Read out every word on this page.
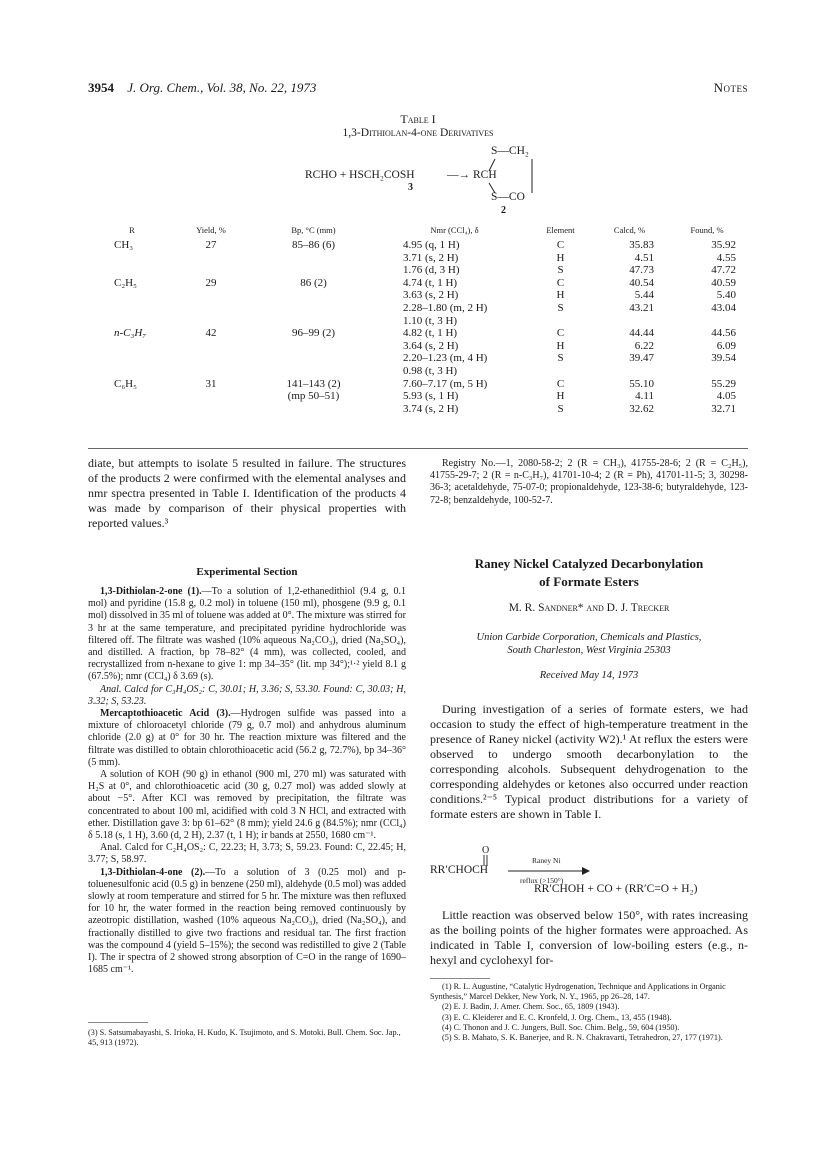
3954 J. Org. Chem., Vol. 38, No. 22, 1973	Notes
Table I
1,3-Dithiolan-4-one Derivatives
S—CH₂
RCHO + HSCH₂COSH	—→ RCH
3
S—CO
2
R	Yield, %	Bp, °C (mm)	Nmr (CCl₄), δ	Element	Calcd, %	Found, %
CH₃	27	85–86 (6)	4.95 (q, 1 H)	C	35.83	35.92
			3.71 (s, 2 H)	H	4.51	4.55
			1.76 (d, 3 H)	S	47.73	47.72
C₂H₅	29	86 (2)	4.74 (t, 1 H)	C	40.54	40.59
			3.63 (s, 2 H)	H	5.44	5.40
			2.28–1.80 (m, 2 H)	S	43.21	43.04
			1.10 (t, 3 H)			
n-C₃H₇	42	96–99 (2)	4.82 (t, 1 H)	C	44.44	44.56
			3.64 (s, 2 H)	H	6.22	6.09
			2.20–1.23 (m, 4 H)	S	39.47	39.54
			0.98 (t, 3 H)			
C₆H₅	31	141–143 (2)	7.60–7.17 (m, 5 H)	C	55.10	55.29
		(mp 50–51)	5.93 (s, 1 H)	H	4.11	4.05
			3.74 (s, 2 H)	S	32.62	32.71
diate, but attempts to isolate 5 resulted in failure. The structures of the products 2 were confirmed with the elemental analyses and nmr spectra presented in Table I. Identification of the products 4 was made by comparison of their physical properties with reported values.³
Experimental Section

1,3-Dithiolan-2-one (1).—To a solution of 1,2-ethanedithiol (9.4 g, 0.1 mol) and pyridine (15.8 g, 0.2 mol) in toluene (150 ml), phosgene (9.9 g, 0.1 mol) dissolved in 35 ml of toluene was added at 0°. The mixture was stirred for 3 hr at the same temperature, and precipitated pyridine hydrochloride was filtered off. The filtrate was washed (10% aqueous Na₂CO₃), dried (Na₂SO₄), and distilled. A fraction, bp 78–82° (4 mm), was collected, cooled, and recrystallized from n-hexane to give 1: mp 34–35° (lit. mp 34°);¹·² yield 8.1 g (67.5%); nmr (CCl₄) δ 3.69 (s).

Anal. Calcd for C₃H₄OS₂: C, 30.01; H, 3.36; S, 53.30. Found: C, 30.03; H, 3.32; S, 53.23.

Mercaptothioacetic Acid (3).—Hydrogen sulfide was passed into a mixture of chloroacetyl chloride (79 g, 0.7 mol) and anhydrous aluminum chloride (2.0 g) at 0° for 30 hr. The reaction mixture was filtered and the filtrate was distilled to obtain chlorothioacetic acid (56.2 g, 72.7%), bp 34–36° (5 mm).

A solution of KOH (90 g) in ethanol (900 ml, 270 ml) was saturated with H₂S at 0°, and chlorothioacetic acid (30 g, 0.27 mol) was added slowly at about −5°. After KCl was removed by precipitation, the filtrate was concentrated to about 100 ml, acidified with cold 3 N HCl, and extracted with ether. Distillation gave 3: bp 61–62° (8 mm); yield 24.6 g (84.5%); nmr (CCl₄) δ 5.18 (s, 1 H), 3.60 (d, 2 H), 2.37 (t, 1 H); ir bands at 2550, 1680 cm⁻¹.

Anal. Calcd for C₂H₄OS₂: C, 22.23; H, 3.73; S, 59.23. Found: C, 22.45; H, 3.77; S, 58.97.

1,3-Dithiolan-4-one (2).—To a solution of 3 (0.25 mol) and p-toluenesulfonic acid (0.5 g) in benzene (250 ml), aldehyde (0.5 mol) was added slowly at room temperature and stirred for 5 hr. The mixture was then refluxed for 10 hr, the water formed in the reaction being removed continuously by azeotropic distillation, washed (10% aqueous Na₂CO₃), dried (Na₂SO₄), and fractionally distilled to give two fractions and residual tar. The first fraction was the compound 4 (yield 5–15%); the second was redistilled to give 2 (Table I). The ir spectra of 2 showed strong absorption of C=O in the range of 1690–1685 cm⁻¹.

(3) S. Satsumabayashi, S. Irioka, H. Kudo, K. Tsujimoto, and S. Motoki. Bull. Chem. Soc. Jap., 45, 913 (1972).
Registry No.—1, 2080-58-2; 2 (R = CH₃), 41755-28-6; 2 (R = C₂H₅), 41755-29-7; 2 (R = n-C₃H₇), 41701-10-4; 2 (R = Ph), 41701-11-5; 3, 30298-36-3; acetaldehyde, 75-07-0; propionaldehyde, 123-38-6; butyraldehyde, 123-72-8; benzaldehyde, 100-52-7.
Raney Nickel Catalyzed Decarbonylation
of Formate Esters
M. R. Sandner* and D. J. Trecker
Union Carbide Corporation, Chemicals and Plastics,
South Charleston, West Virginia 25303
Received May 14, 1973
During investigation of a series of formate esters, we had occasion to study the effect of high-temperature treatment in the presence of Raney nickel (activity W2).¹ At reflux the esters were observed to undergo smooth decarbonylation to the corresponding alcohols. Subsequent dehydrogenation to the corresponding aldehydes or ketones also occurred under reaction conditions.²⁻⁵ Typical product distributions for a variety of formate esters are shown in Table I.
O
RR′CHOCH
Raney Ni
reflux (>150°)
RR′CHOH + CO + (RR′C=O + H₂)
Little reaction was observed below 150°, with rates increasing as the boiling points of the higher formates were approached. As indicated in Table I, conversion of low-boiling esters (e.g., n-hexyl and cyclohexyl for-

(1) R. L. Augustine, “Catalytic Hydrogenation, Technique and Applications in Organic Synthesis,” Marcel Dekker, New York, N. Y., 1965, pp 26–28, 147.

(2) E. J. Badin, J. Amer. Chem. Soc., 65, 1809 (1943).

(3) E. C. Kleiderer and E. C. Kronfeld, J. Org. Chem., 13, 455 (1948).

(4) C. Thonon and J. C. Jungers, Bull. Soc. Chim. Belg., 59, 604 (1950).

(5) S. B. Mahato, S. K. Banerjee, and R. N. Chakravarti, Tetrahedron, 27, 177 (1971).
